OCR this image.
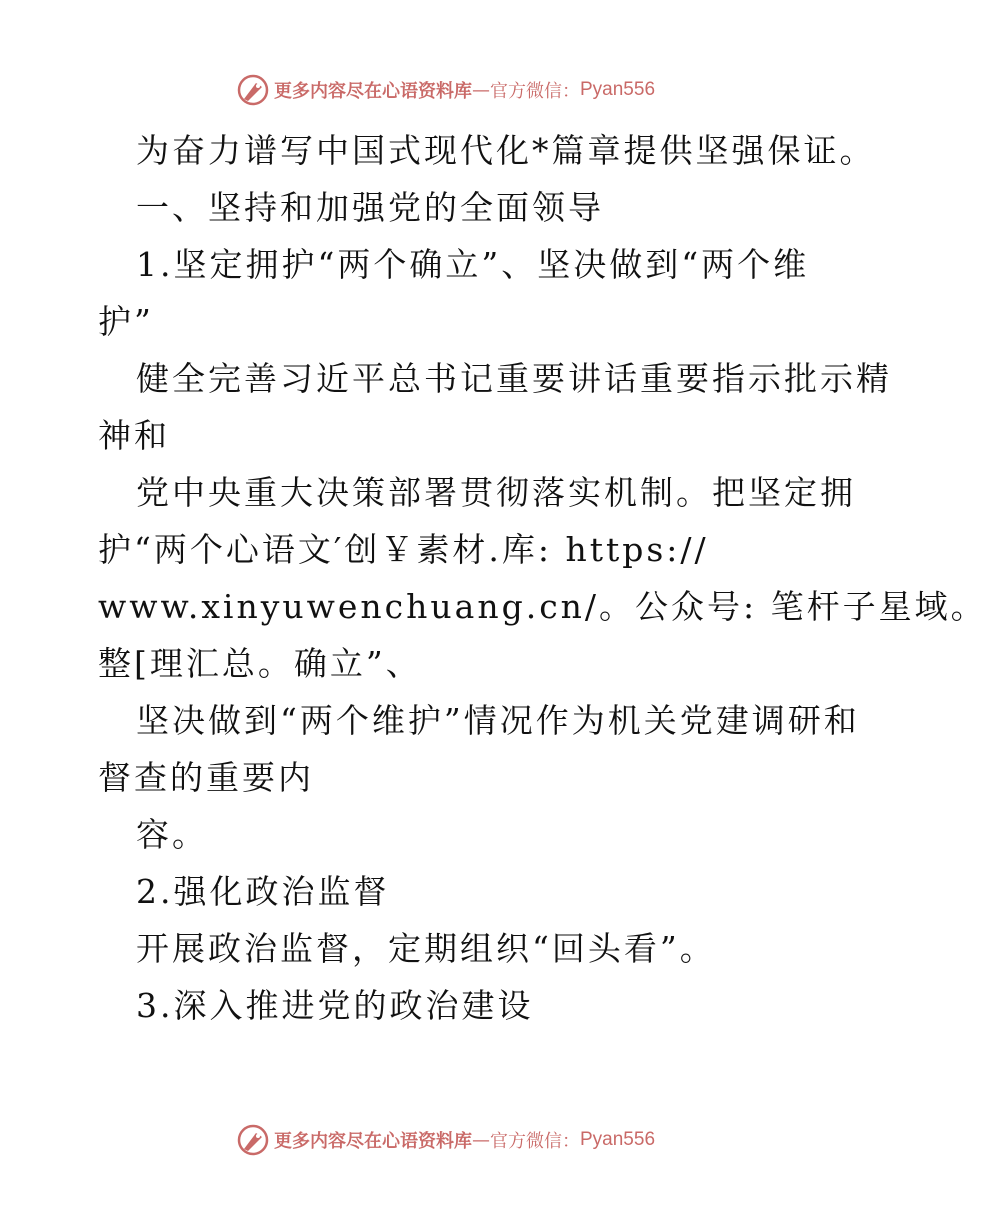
更多内容尽在心语资料库 — 官方微信： Pyan556
为奋力谱写中国式现代化*篇章提供坚强保证。
一、坚持和加强党的全面领导
1.坚定拥护“两个确立”、坚决做到“两个维
护”
健全完善习近平总书记重要讲话重要指示批示精
神和
党中央重大决策部署贯彻落实机制。把坚定拥
护“两个心语文′创￥素材.库: https://
www.xinyuwenchuang.cn/。公众号: 笔杆子星域。
整[理汇总。确立”、
坚决做到“两个维护”情况作为机关党建调研和
督查的重要内
容。
2.强化政治监督
开展政治监督，定期组织“回头看”。
3.深入推进党的政治建设
更多内容尽在心语资料库 — 官方微信： Pyan556
